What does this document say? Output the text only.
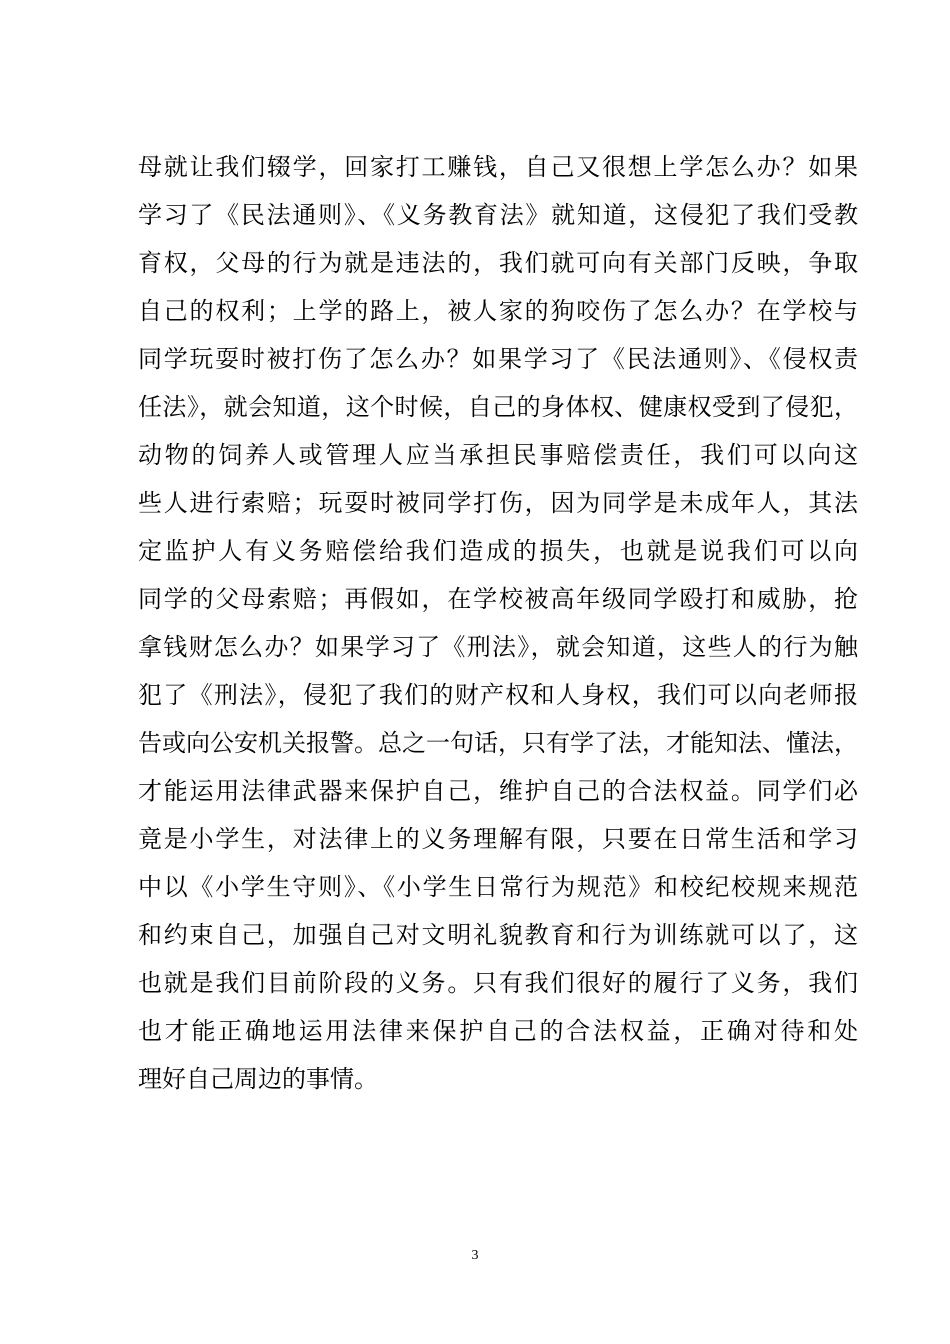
母就让我们辍学，回家打工赚钱，自己又很想上学怎么办？如果
学习了《民法通则》、《义务教育法》就知道，这侵犯了我们受教
育权，父母的行为就是违法的，我们就可向有关部门反映，争取
自己的权利；上学的路上，被人家的狗咬伤了怎么办？在学校与
同学玩耍时被打伤了怎么办？如果学习了《民法通则》、《侵权责
任法》，就会知道，这个时候，自己的身体权、健康权受到了侵犯，
动物的饲养人或管理人应当承担民事赔偿责任，我们可以向这
些人进行索赔；玩耍时被同学打伤，因为同学是未成年人，其法
定监护人有义务赔偿给我们造成的损失，也就是说我们可以向
同学的父母索赔；再假如，在学校被高年级同学殴打和威胁，抢
拿钱财怎么办？如果学习了《刑法》，就会知道，这些人的行为触
犯了《刑法》，侵犯了我们的财产权和人身权，我们可以向老师报
告或向公安机关报警。总之一句话，只有学了法，才能知法、懂法，
才能运用法律武器来保护自己，维护自己的合法权益。同学们必
竟是小学生，对法律上的义务理解有限，只要在日常生活和学习
中以《小学生守则》、《小学生日常行为规范》和校纪校规来规范
和约束自己，加强自己对文明礼貌教育和行为训练就可以了，这
也就是我们目前阶段的义务。只有我们很好的履行了义务，我们
也才能正确地运用法律来保护自己的合法权益，正确对待和处
理好自己周边的事情。
3
